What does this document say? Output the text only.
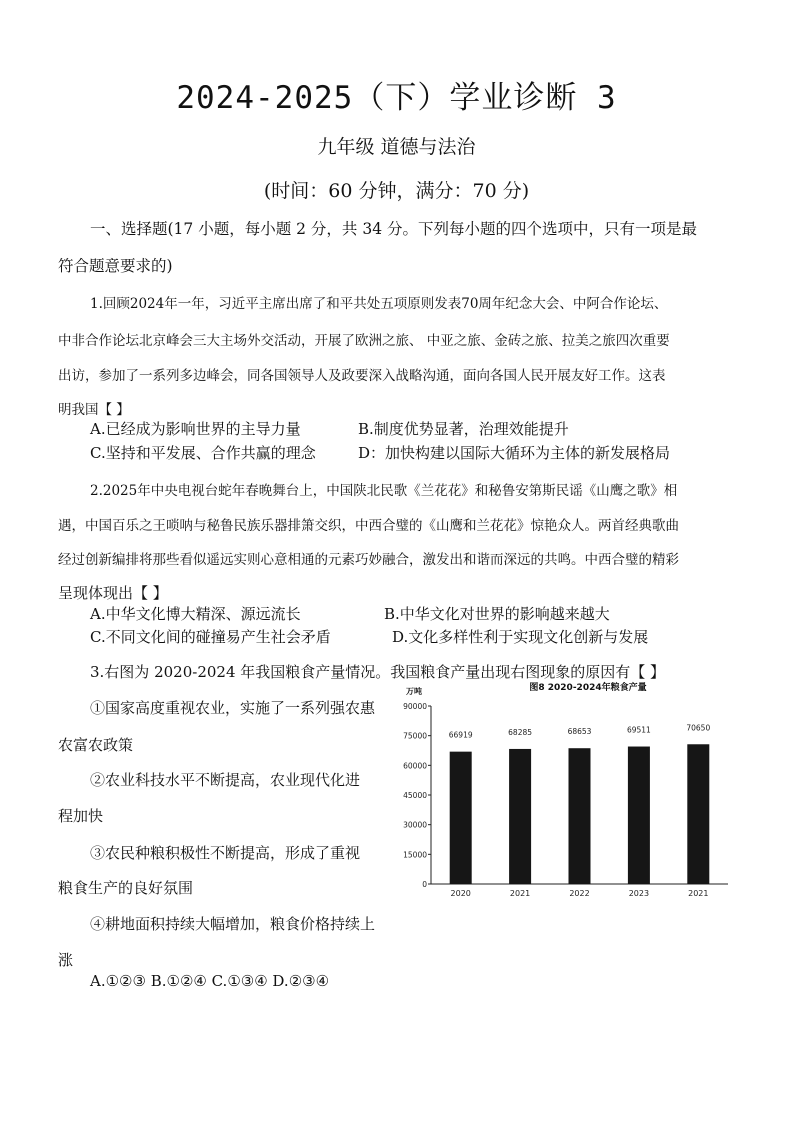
2024-2025（下）学业诊断 3
九年级 道德与法治
(时间：60 分钟，满分：70 分)
一、选择题(17 小题，每小题 2 分，共 34 分。下列每小题的四个选项中，只有一项是最
符合题意要求的)
1.回顾2024年一年，习近平主席出席了和平共处五项原则发表70周年纪念大会、中阿合作论坛、
中非合作论坛北京峰会三大主场外交活动，开展了欧洲之旅、 中亚之旅、金砖之旅、拉美之旅四次重要
出访，参加了一系列多边峰会，同各国领导人及政要深入战略沟通，面向各国人民开展友好工作。这表
明我国【 】
A.已经成为影响世界的主导力量	B.制度优势显著，治理效能提升
C.坚持和平发展、合作共赢的理念	D：加快构建以国际大循环为主体的新发展格局
2.2025年中央电视台蛇年春晚舞台上，中国陕北民歌《兰花花》和秘鲁安第斯民谣《山鹰之歌》相
遇，中国百乐之王唢呐与秘鲁民族乐器排箫交织，中西合璧的《山鹰和兰花花》惊艳众人。两首经典歌曲
经过创新编排将那些看似遥远实则心意相通的元素巧妙融合，激发出和谐而深远的共鸣。中西合璧的精彩
呈现体现出【 】
A.中华文化博大精深、源远流长	B.中华文化对世界的影响越来越大
C.不同文化间的碰撞易产生社会矛盾	D.文化多样性利于实现文化创新与发展
3.右图为 2020-2024 年我国粮食产量情况。我国粮食产量出现右图现象的原因有【 】
①国家高度重视农业，实施了一系列强农惠
农富农政策
②农业科技水平不断提高，农业现代化进
程加快
③农民种粮积极性不断提高，形成了重视
粮食生产的良好氛围
④耕地面积持续大幅增加，粮食价格持续上
涨
A.①②③ B.①②④ C.①③④ D.②③④
图8 2020-2024年粮食产量
万吨
0
15000
30000
45000
60000
75000
90000
66919
2020
68285
2021
68653
2022
69511
2023
70650
2021
